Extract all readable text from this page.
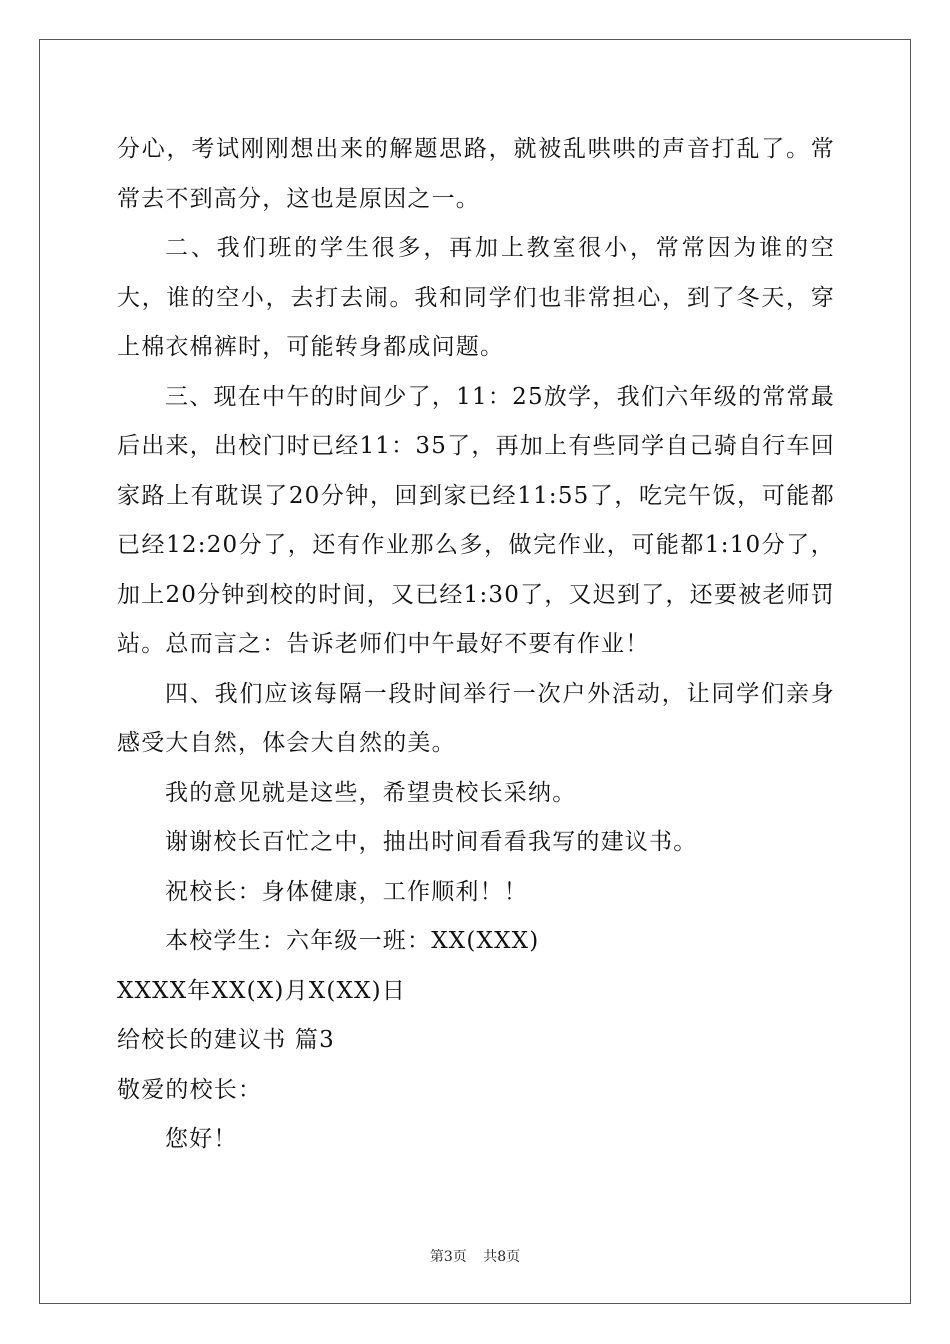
分心，考试刚刚想出来的解题思路，就被乱哄哄的声音打乱了。常常去不到高分，这也是原因之一。

二、我们班的学生很多，再加上教室很小，常常因为谁的空大，谁的空小，去打去闹。我和同学们也非常担心，到了冬天，穿上棉衣棉裤时，可能转身都成问题。

三、现在中午的时间少了，11：25放学，我们六年级的常常最后出来，出校门时已经11：35了，再加上有些同学自己骑自行车回家路上有耽误了20分钟，回到家已经11:55了，吃完午饭，可能都已经12:20分了，还有作业那么多，做完作业，可能都1:10分了，加上20分钟到校的时间，又已经1:30了，又迟到了，还要被老师罚站。总而言之：告诉老师们中午最好不要有作业！

四、我们应该每隔一段时间举行一次户外活动，让同学们亲身感受大自然，体会大自然的美。

我的意见就是这些，希望贵校长采纳。

谢谢校长百忙之中，抽出时间看看我写的建议书。

祝校长：身体健康，工作顺利！！

本校学生：六年级一班：XX(XXX)

XXXX年XX(X)月X(XX)日

给校长的建议书 篇3

敬爱的校长：

您好！

第3页 共8页
